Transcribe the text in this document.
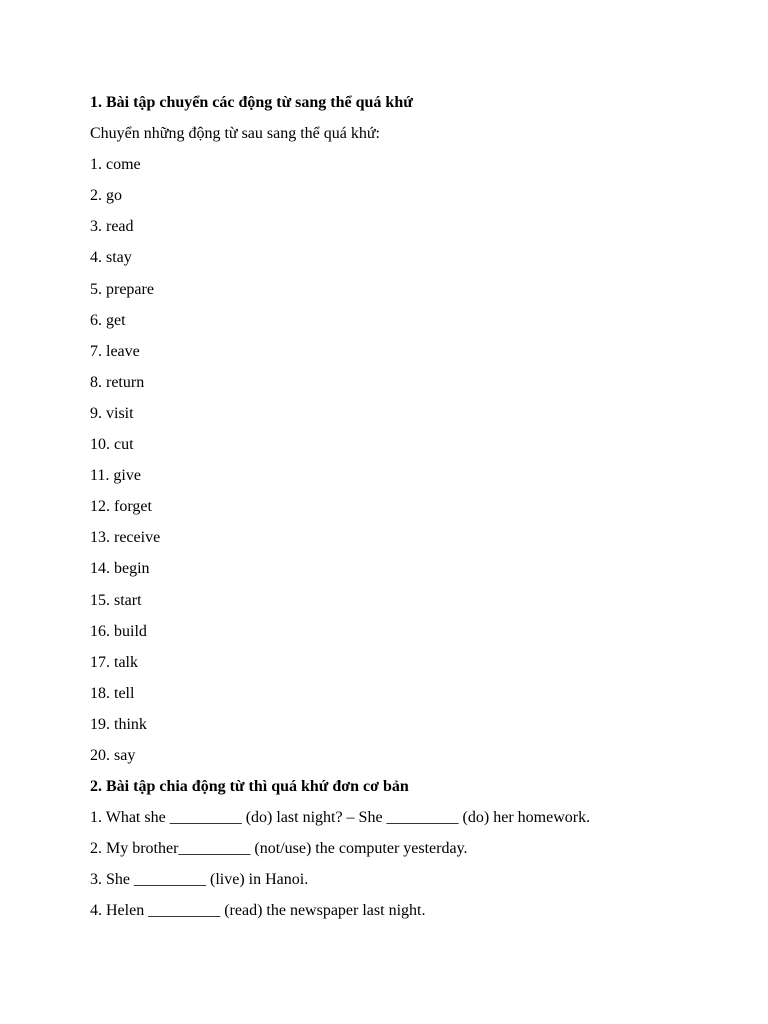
1. Bài tập chuyển các động từ sang thể quá khứ
Chuyển những động từ sau sang thể quá khứ:
1. come
2. go
3. read
4. stay
5. prepare
6. get
7. leave
8. return
9. visit
10. cut
11. give
12. forget
13. receive
14. begin
15. start
16. build
17. talk
18. tell
19. think
20. say
2. Bài tập chia động từ thì quá khứ đơn cơ bản
1. What she _________ (do) last night? – She _________ (do) her homework.
2. My brother_________ (not/use) the computer yesterday.
3. She _________ (live) in Hanoi.
4. Helen _________ (read) the newspaper last night.
